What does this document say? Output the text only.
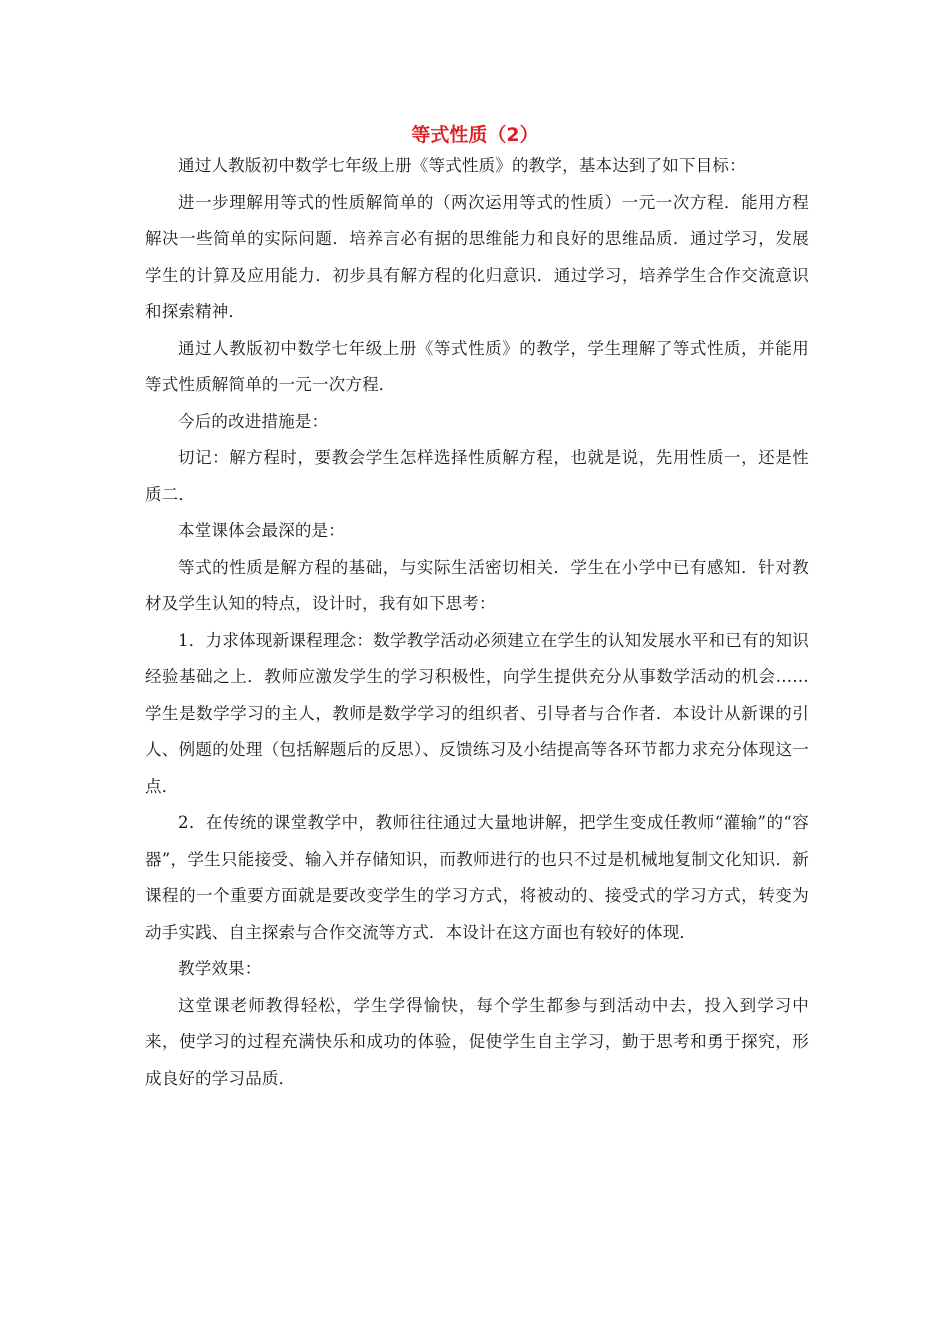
等式性质（2）

通过人教版初中数学七年级上册《等式性质》的教学，基本达到了如下目标：

进一步理解用等式的性质解简单的（两次运用等式的性质）一元一次方程．能用方程解决一些简单的实际问题．培养言必有据的思维能力和良好的思维品质．通过学习，发展学生的计算及应用能力．初步具有解方程的化归意识．通过学习，培养学生合作交流意识和探索精神．

通过人教版初中数学七年级上册《等式性质》的教学，学生理解了等式性质，并能用等式性质解简单的一元一次方程．

今后的改进措施是：

切记：解方程时，要教会学生怎样选择性质解方程，也就是说，先用性质一，还是性质二．

本堂课体会最深的是：

等式的性质是解方程的基础，与实际生活密切相关．学生在小学中已有感知．针对教材及学生认知的特点，设计时，我有如下思考：

1．力求体现新课程理念：数学教学活动必须建立在学生的认知发展水平和已有的知识经验基础之上．教师应激发学生的学习积极性，向学生提供充分从事数学活动的机会……学生是数学学习的主人，教师是数学学习的组织者、引导者与合作者．本设计从新课的引人、例题的处理（包括解题后的反思）、反馈练习及小结提高等各环节都力求充分体现这一点．

2．在传统的课堂教学中，教师往往通过大量地讲解，把学生变成任教师“灌输”的“容器”，学生只能接受、输入并存储知识，而教师进行的也只不过是机械地复制文化知识．新课程的一个重要方面就是要改变学生的学习方式，将被动的、接受式的学习方式，转变为动手实践、自主探索与合作交流等方式．本设计在这方面也有较好的体现．

教学效果：

这堂课老师教得轻松，学生学得愉快，每个学生都参与到活动中去，投入到学习中来，使学习的过程充满快乐和成功的体验，促使学生自主学习，勤于思考和勇于探究，形成良好的学习品质．
